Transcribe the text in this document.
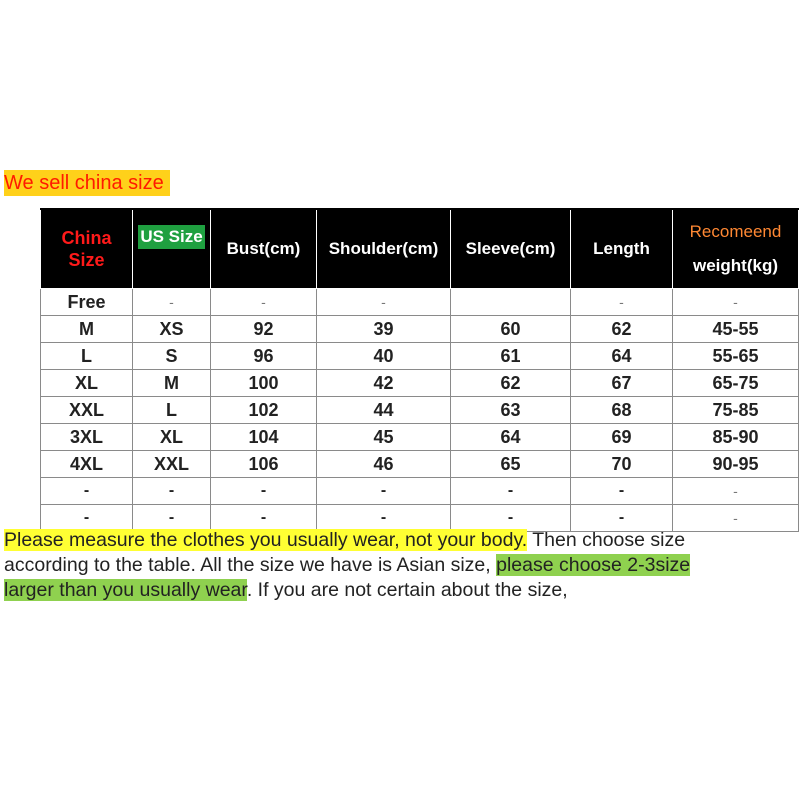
We sell china size
China
Size	US Size	Bust(cm)	Shoulder(cm)	Sleeve(cm)	Length	Recomeend
weight(kg)

Free	-	-	-		-	-
M	XS	92	39	60	62	45-55
L	S	96	40	61	64	55-65
XL	M	100	42	62	67	65-75
XXL	L	102	44	63	68	75-85
3XL	XL	104	45	64	69	85-90
4XL	XXL	106	46	65	70	90-95
-	-	-	-	-	-	-
-	-	-	-	-	-	-
Please measure the clothes you usually wear, not your body. Then choose size according to the table. All the size we have is Asian size, please choose 2-3size larger than you usually wear. If you are not certain about the size,
